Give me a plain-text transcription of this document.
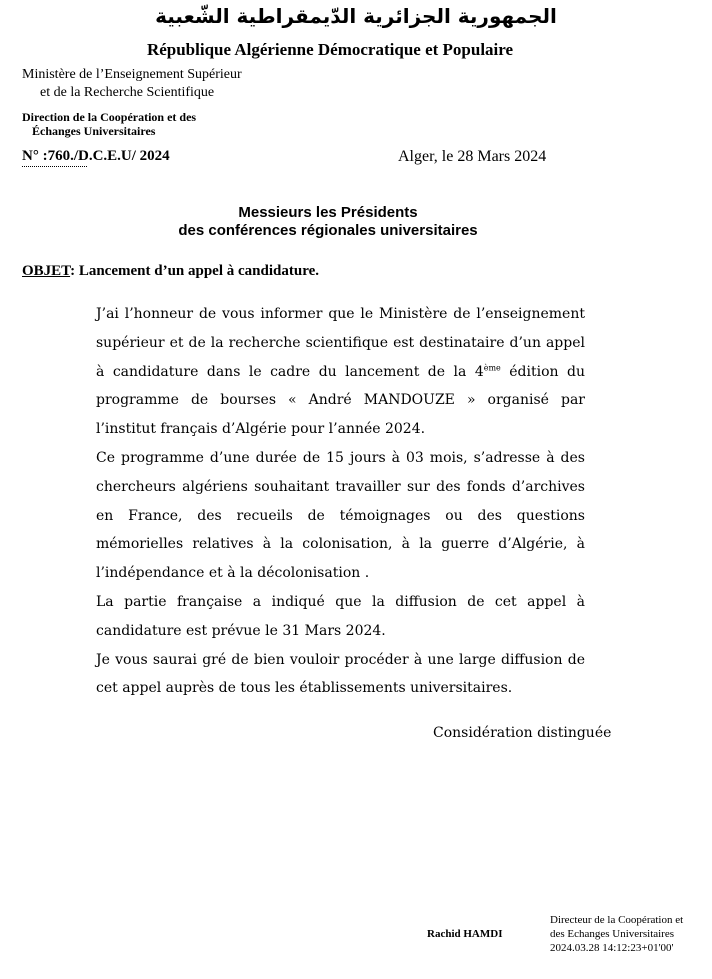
الجمهورية الجزائرية الدّيمقراطية الشّعبية
République Algérienne Démocratique et Populaire
Ministère de l’Enseignement Supérieur
et de la Recherche Scientifique
Direction de la Coopération et des
Échanges Universitaires
N° :760./D.C.E.U/ 2024	Alger, le 28 Mars 2024
Messieurs les Présidents
des conférences régionales universitaires
OBJET: Lancement d’un appel à candidature.

J’ai l’honneur de vous informer que le Ministère de l’enseignement supérieur et de la recherche scientifique est destinataire d’un appel à candidature dans le cadre du lancement de la 4ème édition du programme de bourses « André MANDOUZE » organisé par l’institut français d’Algérie pour l’année 2024.

Ce programme d’une durée de 15 jours à 03 mois, s’adresse à des chercheurs algériens souhaitant travailler sur des fonds d’archives en France, des recueils de témoignages ou des questions mémorielles relatives à la colonisation, à la guerre d’Algérie, à l’indépendance et à la décolonisation .

La partie française a indiqué que la diffusion de cet appel à candidature est prévue le 31 Mars 2024.

Je vous saurai gré de bien vouloir procéder à une large diffusion de cet appel auprès de tous les établissements universitaires.

Considération distinguée
Rachid HAMDI
Directeur de la Coopération et
des Echanges Universitaires
2024.03.28 14:12:23+01'00'
